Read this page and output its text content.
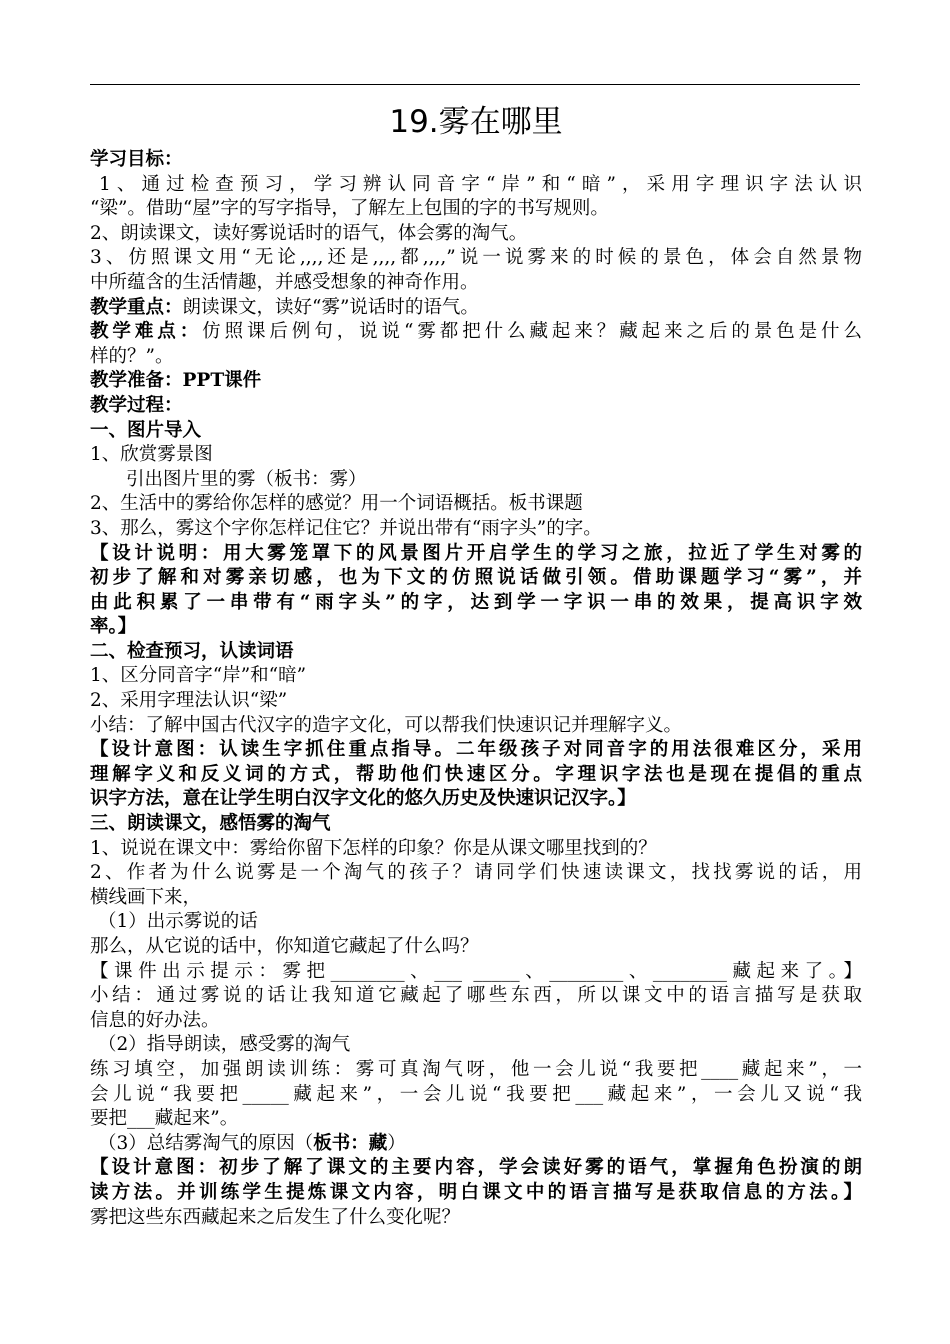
19.雾在哪里
学习目标：
1、通过检查预习，学习辨认同音字“岸”和“暗”，采用字理识字法认识
“梁”。借助“屋”字的写字指导，了解左上包围的字的书写规则。
2、朗读课文，读好雾说话时的语气，体会雾的淘气。
3、仿照课文用“无论,,,,还是,,,,都,,,,”说一说雾来的时候的景色，体会自然景物
中所蕴含的生活情趣，并感受想象的神奇作用。
教学重点：朗读课文，读好“雾”说话时的语气。
教学难点：仿照课后例句，说说“雾都把什么藏起来？藏起来之后的景色是什么
样的？”。
教学准备：PPT课件
教学过程：
一、图片导入
1、欣赏雾景图
引出图片里的雾（板书：雾）
2、生活中的雾给你怎样的感觉？用一个词语概括。板书课题
3、那么，雾这个字你怎样记住它？并说出带有“雨字头”的字。
【设计说明：用大雾笼罩下的风景图片开启学生的学习之旅，拉近了学生对雾的
初步了解和对雾亲切感，也为下文的仿照说话做引领。借助课题学习“雾”，并
由此积累了一串带有“雨字头”的字，达到学一字识一串的效果，提高识字效
率。】
二、检查预习，认读词语
1、区分同音字“岸”和“暗”
2、采用字理法认识“梁”
小结：了解中国古代汉字的造字文化，可以帮我们快速识记并理解字义。
【设计意图：认读生字抓住重点指导。二年级孩子对同音字的用法很难区分，采用
理解字义和反义词的方式，帮助他们快速区分。字理识字法也是现在提倡的重点
识字方法，意在让学生明白汉字文化的悠久历史及快速识记汉字。】
三、朗读课文，感悟雾的淘气
1、说说在课文中：雾给你留下怎样的印象？你是从课文哪里找到的？
2、作者为什么说雾是一个淘气的孩子？请同学们快速读课文，找找雾说的话，用
横线画下来，
（1）出示雾说的话
那么，从它说的话中，你知道它藏起了什么吗？
【课件出示提示：雾把________、___ _____、________、________藏起来了。】
小结：通过雾说的话让我知道它藏起了哪些东西，所以课文中的语言描写是获取
信息的好办法。
（2）指导朗读，感受雾的淘气
练习填空，加强朗读训练：雾可真淘气呀，他一会儿说“我要把____藏起来”，一
会儿说“我要把_____藏起来”，一会儿说“我要把___藏起来”，一会儿又说“我
要把___藏起来”。
（3）总结雾淘气的原因（板书：藏）
【设计意图：初步了解了课文的主要内容，学会读好雾的语气，掌握角色扮演的朗
读方法。并训练学生提炼课文内容，明白课文中的语言描写是获取信息的方法。】
雾把这些东西藏起来之后发生了什么变化呢？
